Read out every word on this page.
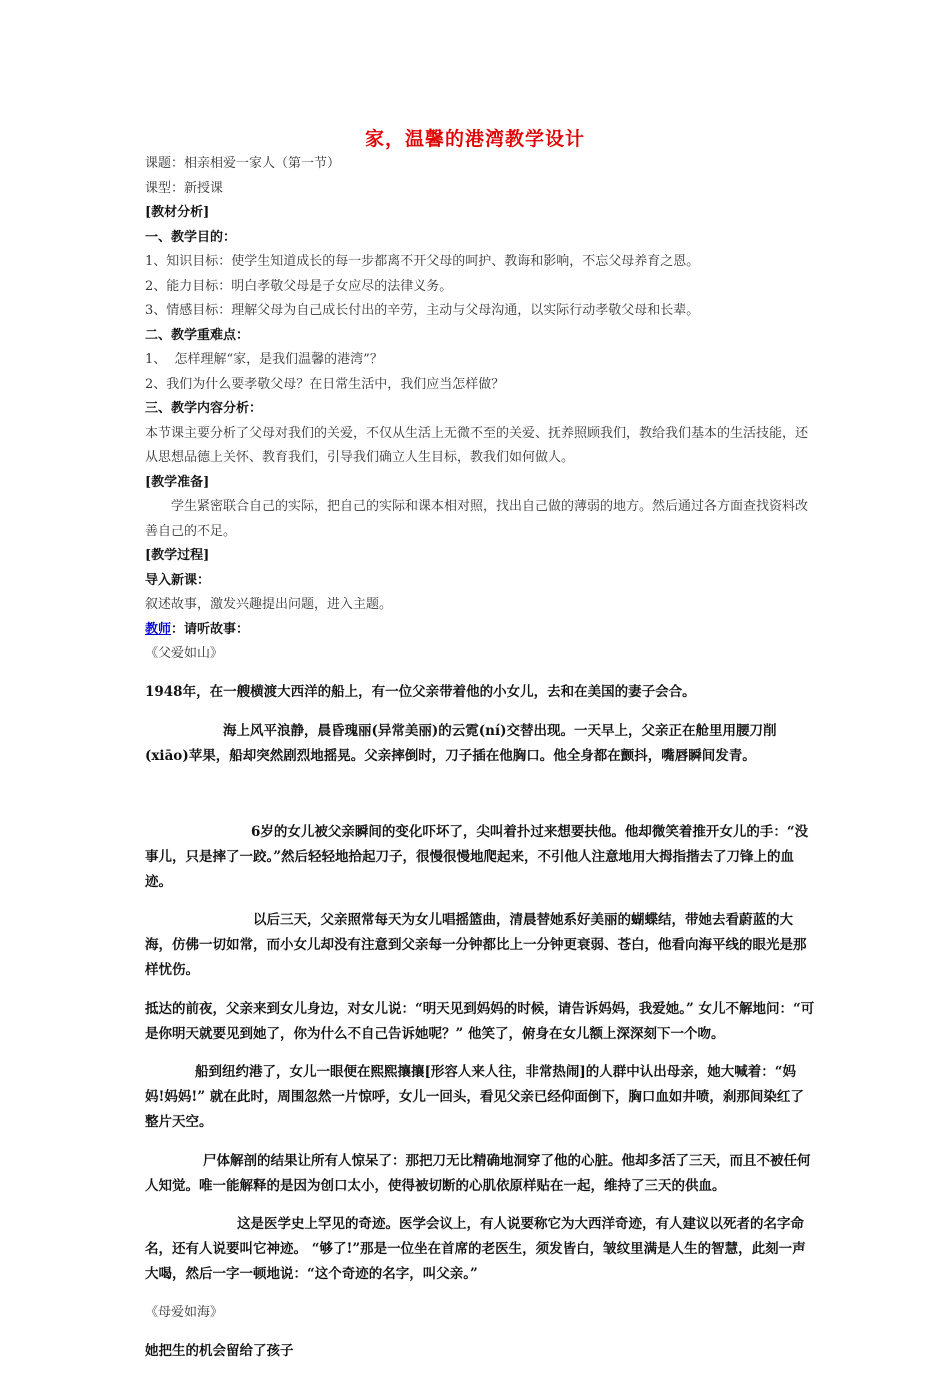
家，温馨的港湾教学设计

课题：相亲相爱一家人（第一节）

课型：新授课

[教材分析]

一、教学目的：

1、知识目标：使学生知道成长的每一步都离不开父母的呵护、教诲和影响，不忘父母养育之恩。

2、能力目标：明白孝敬父母是子女应尽的法律义务。

3、情感目标：理解父母为自己成长付出的辛劳，主动与父母沟通，以实际行动孝敬父母和长辈。

二、教学重难点：

1、  怎样理解“家，是我们温馨的港湾”？

2、我们为什么要孝敬父母？在日常生活中，我们应当怎样做？

三、教学内容分析：

本节课主要分析了父母对我们的关爱，不仅从生活上无微不至的关爱、抚养照顾我们，教给我们基本的生活技能，还从思想品德上关怀、教育我们，引导我们确立人生目标，教我们如何做人。

[教学准备]

学生紧密联合自己的实际，把自己的实际和课本相对照，找出自己做的薄弱的地方。然后通过各方面查找资料改善自己的不足。

[教学过程]

导入新课：

叙述故事，激发兴趣提出问题，进入主题。

教师：请听故事：

《父爱如山》

1948年，在一艘横渡大西洋的船上，有一位父亲带着他的小女儿，去和在美国的妻子会合。

海上风平浪静，晨昏瑰丽(异常美丽)的云霓(ní)交替出现。一天早上，父亲正在舱里用腰刀削(xiāo)苹果，船却突然剧烈地摇晃。父亲摔倒时，刀子插在他胸口。他全身都在颤抖，嘴唇瞬间发青。

6岁的女儿被父亲瞬间的变化吓坏了，尖叫着扑过来想要扶他。他却微笑着推开女儿的手：“没事儿，只是摔了一跤。”然后轻轻地拾起刀子，很慢很慢地爬起来，不引他人注意地用大拇指揩去了刀锋上的血迹。

以后三天，父亲照常每天为女儿唱摇篮曲，清晨替她系好美丽的蝴蝶结，带她去看蔚蓝的大海，仿佛一切如常，而小女儿却没有注意到父亲每一分钟都比上一分钟更衰弱、苍白，他看向海平线的眼光是那样忧伤。

抵达的前夜，父亲来到女儿身边，对女儿说：“明天见到妈妈的时候，请告诉妈妈，我爱她。” 女儿不解地问：“可是你明天就要见到她了，你为什么不自己告诉她呢？” 他笑了，俯身在女儿额上深深刻下一个吻。

船到纽约港了，女儿一眼便在熙熙攘攘[形容人来人往，非常热闹]的人群中认出母亲，她大喊着：“妈妈!妈妈!” 就在此时，周围忽然一片惊呼，女儿一回头，看见父亲已经仰面倒下，胸口血如井喷，刹那间染红了整片天空。

尸体解剖的结果让所有人惊呆了：那把刀无比精确地洞穿了他的心脏。他却多活了三天，而且不被任何人知觉。唯一能解释的是因为创口太小，使得被切断的心肌依原样贴在一起，维持了三天的供血。

这是医学史上罕见的奇迹。医学会议上，有人说要称它为大西洋奇迹，有人建议以死者的名字命名，还有人说要叫它神迹。 “够了!”那是一位坐在首席的老医生，须发皆白，皱纹里满是人生的智慧，此刻一声大喝，然后一字一顿地说：“这个奇迹的名字，叫父亲。”

《母爱如海》

她把生的机会留给了孩子
